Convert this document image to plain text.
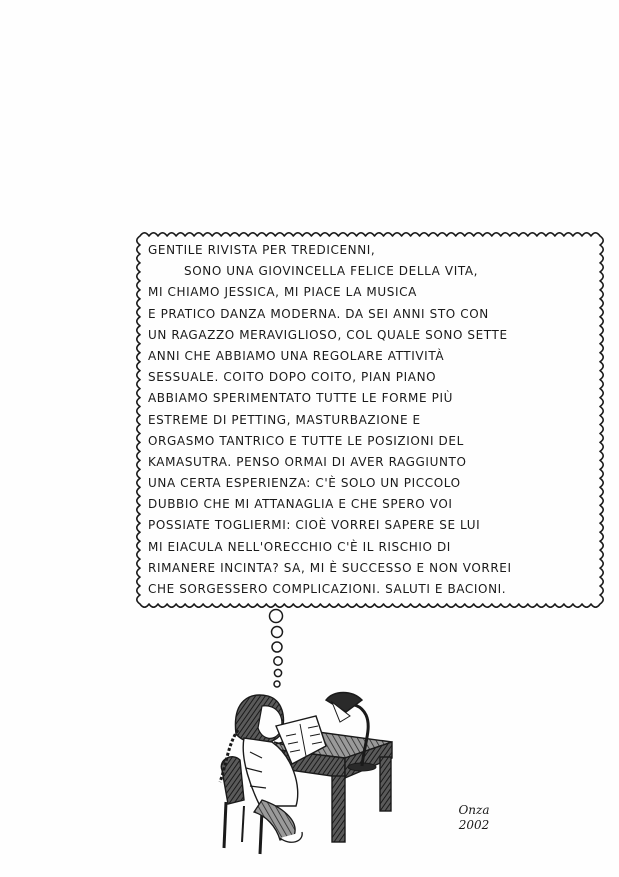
GENTILE RIVISTA PER TREDICENNI,
SONO UNA GIOVINCELLA FELICE DELLA VITA,
MI CHIAMO JESSICA, MI PIACE LA MUSICA
E PRATICO DANZA MODERNA. DA SEI ANNI STO CON
UN RAGAZZO MERAVIGLIOSO, COL QUALE SONO SETTE
ANNI CHE ABBIAMO UNA REGOLARE ATTIVITÀ
SESSUALE. COITO DOPO COITO, PIAN PIANO
ABBIAMO SPERIMENTATO TUTTE LE FORME PIÙ
ESTREME DI PETTING, MASTURBAZIONE E
ORGASMO TANTRICO E TUTTE LE POSIZIONI DEL
KAMASUTRA. PENSO ORMAI DI AVER RAGGIUNTO
UNA CERTA ESPERIENZA: C'È SOLO UN PICCOLO
DUBBIO CHE MI ATTANAGLIA E CHE SPERO VOI
POSSIATE TOGLIERMI: CIOÈ VORREI SAPERE SE LUI
MI EIACULA NELL'ORECCHIO C'È IL RISCHIO DI
RIMANERE INCINTA? SA, MI È SUCCESSO E NON VORREI
CHE SORGESSERO COMPLICAZIONI. SALUTI E BACIONI.
Onza
2002
